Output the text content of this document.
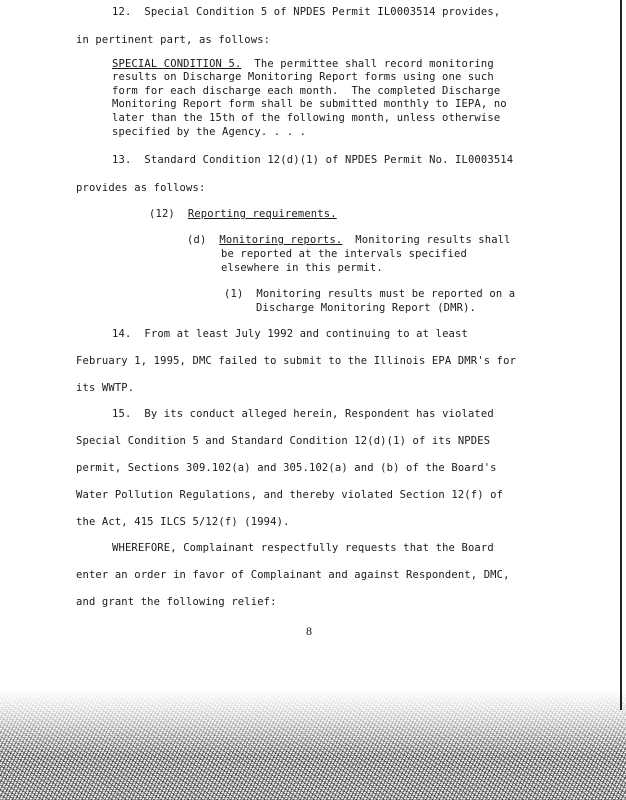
12. Special Condition 5 of NPDES Permit IL0003514 provides,
in pertinent part, as follows:
SPECIAL CONDITION 5. The permittee shall record monitoring
results on Discharge Monitoring Report forms using one such
form for each discharge each month.  The completed Discharge
Monitoring Report form shall be submitted monthly to IEPA, no
later than the 15th of the following month, unless otherwise
specified by the Agency. . . .
13. Standard Condition 12(d)(1) of NPDES Permit No. IL0003514
provides as follows:
(12) Reporting requirements.
(d) Monitoring reports. Monitoring results shall
be reported at the intervals specified
elsewhere in this permit.
(1) Monitoring results must be reported on a
Discharge Monitoring Report (DMR).
14. From at least July 1992 and continuing to at least
February 1, 1995, DMC failed to submit to the Illinois EPA DMR's for
its WWTP.
15. By its conduct alleged herein, Respondent has violated
Special Condition 5 and Standard Condition 12(d)(1) of its NPDES
permit, Sections 309.102(a) and 305.102(a) and (b) of the Board's
Water Pollution Regulations, and thereby violated Section 12(f) of
the Act, 415 ILCS 5/12(f) (1994).
WHEREFORE, Complainant respectfully requests that the Board
enter an order in favor of Complainant and against Respondent, DMC,
and grant the following relief:
8
